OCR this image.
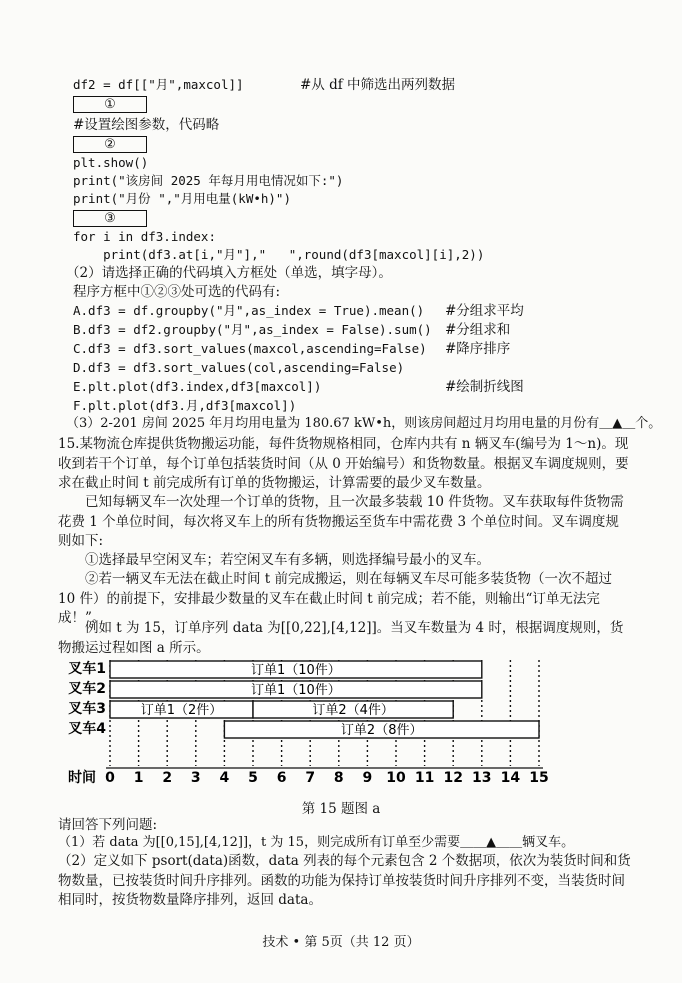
df2 = df[["月",maxcol]]	#从 df 中筛选出两列数据
①
#设置绘图参数，代码略
②
plt.show()
print("该房间 2025 年每月用电情况如下:")
print("月份 ","月用电量(kW•h)")
③
for i in df3.index:
print(df3.at[i,"月"],"   ",round(df3[maxcol][i],2))
（2）请选择正确的代码填入方框处（单选，填字母）。
程序方框中①②③处可选的代码有:
A.df3 = df.groupby("月",as_index = True).mean() #分组求平均
B.df3 = df2.groupby("月",as_index = False).sum() #分组求和
C.df3 = df3.sort_values(maxcol,ascending=False) #降序排序
D.df3 = df3.sort_values(col,ascending=False)
E.plt.plot(df3.index,df3[maxcol])	#绘制折线图
F.plt.plot(df3.月,df3[maxcol])
（3）2-201 房间 2025 年月均用电量为 180.67 kW•h，则该房间超过月均用电量的月份有＿▲＿个。
15.某物流仓库提供货物搬运功能，每件货物规格相同，仓库内共有 n 辆叉车(编号为 1～n)。现收到若干个订单，每个订单包括装货时间（从 0 开始编号）和货物数量。根据叉车调度规则，要求在截止时间 t 前完成所有订单的货物搬运，计算需要的最少叉车数量。
已知每辆叉车一次处理一个订单的货物，且一次最多装载 10 件货物。叉车获取每件货物需花费 1 个单位时间，每次将叉车上的所有货物搬运至货车中需花费 3 个单位时间。叉车调度规则如下:
①选择最早空闲叉车；若空闲叉车有多辆，则选择编号最小的叉车。
②若一辆叉车无法在截止时间 t 前完成搬运，则在每辆叉车尽可能多装货物（一次不超过 10 件）的前提下，安排最少数量的叉车在截止时间 t 前完成；若不能，则输出“订单无法完成！”。
例如 t 为 15，订单序列 data 为[[0,22],[4,12]]。当叉车数量为 4 时，根据调度规则，货物搬运过程如图 a 所示。
叉车1
叉车2
叉车3
叉车4
订单1（10件）
订单1（10件）
订单1（2件）	订单2（4件）
订单2（8件）
时间 0 1 2 3 4 5 6 7 8 9 10 11 12 13 14 15
第 15 题图 a
请回答下列问题:
（1）若 data 为[[0,15],[4,12]]，t 为 15，则完成所有订单至少需要＿＿▲＿＿辆叉车。
（2）定义如下 psort(data)函数，data 列表的每个元素包含 2 个数据项，依次为装货时间和货物数量，已按装货时间升序排列。函数的功能为保持订单按装货时间升序排列不变，当装货时间相同时，按货物数量降序排列，返回 data。
技术 • 第 5页（共 12 页）
